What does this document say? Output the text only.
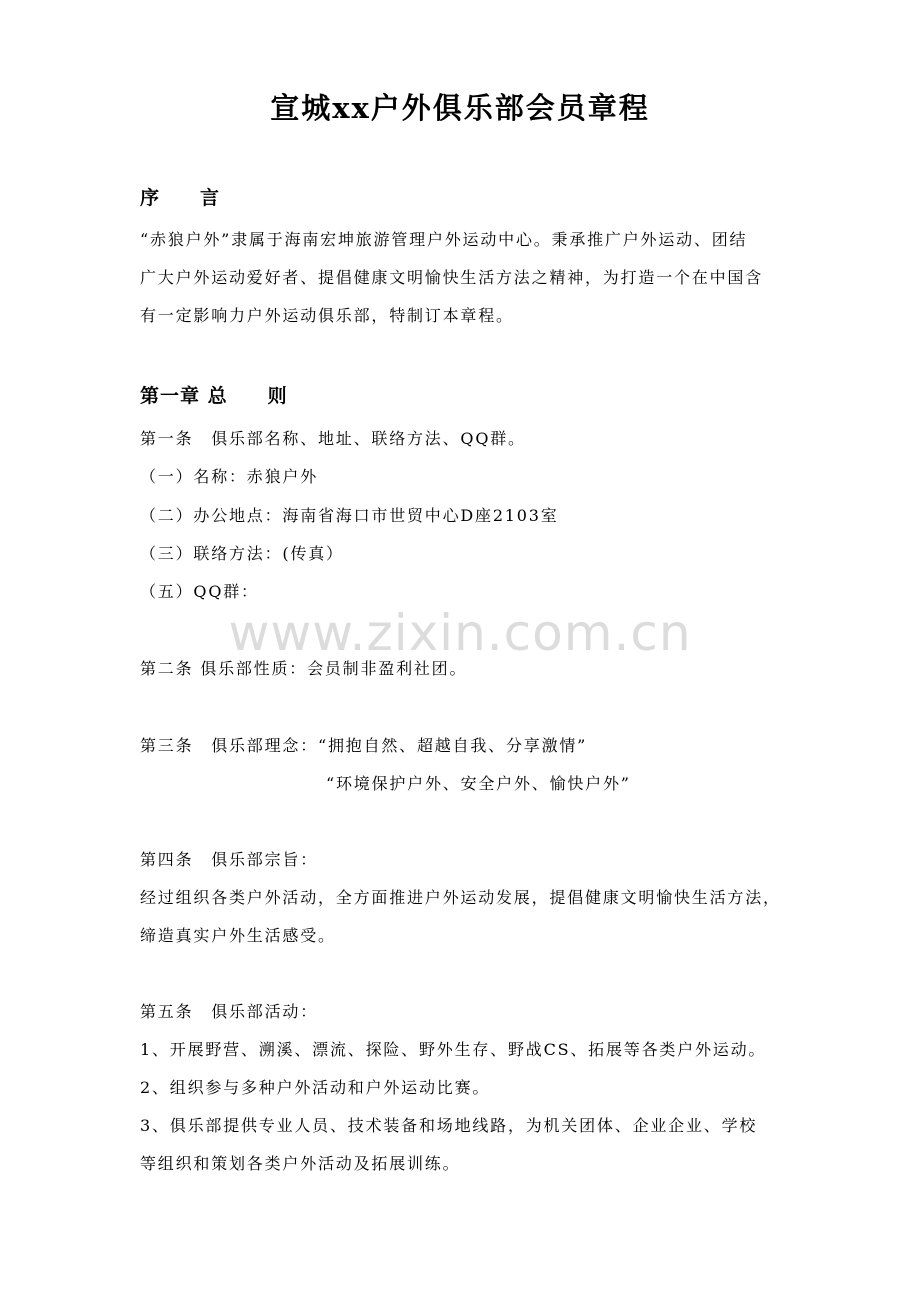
宣城xx户外俱乐部会员章程
序　　言
“赤狼户外”隶属于海南宏坤旅游管理户外运动中心。秉承推广户外运动、团结
广大户外运动爱好者、提倡健康文明愉快生活方法之精神，为打造一个在中国含
有一定影响力户外运动俱乐部，特制订本章程。
第一章 总　　则
第一条　俱乐部名称、地址、联络方法、QQ群。
（一）名称：赤狼户外
（二）办公地点：海南省海口市世贸中心D座2103室
（三）联络方法：(传真）
（五）QQ群：
www.zixin.com.cn
第二条 俱乐部性质：会员制非盈利社团。
第三条　俱乐部理念：“拥抱自然、超越自我、分享激情”
“环境保护户外、安全户外、愉快户外”
第四条　俱乐部宗旨：
经过组织各类户外活动，全方面推进户外运动发展，提倡健康文明愉快生活方法，
缔造真实户外生活感受。
第五条　俱乐部活动：
1、开展野营、溯溪、漂流、探险、野外生存、野战CS、拓展等各类户外运动。
2、组织参与多种户外活动和户外运动比赛。
3、俱乐部提供专业人员、技术装备和场地线路，为机关团体、企业企业、学校
等组织和策划各类户外活动及拓展训练。
